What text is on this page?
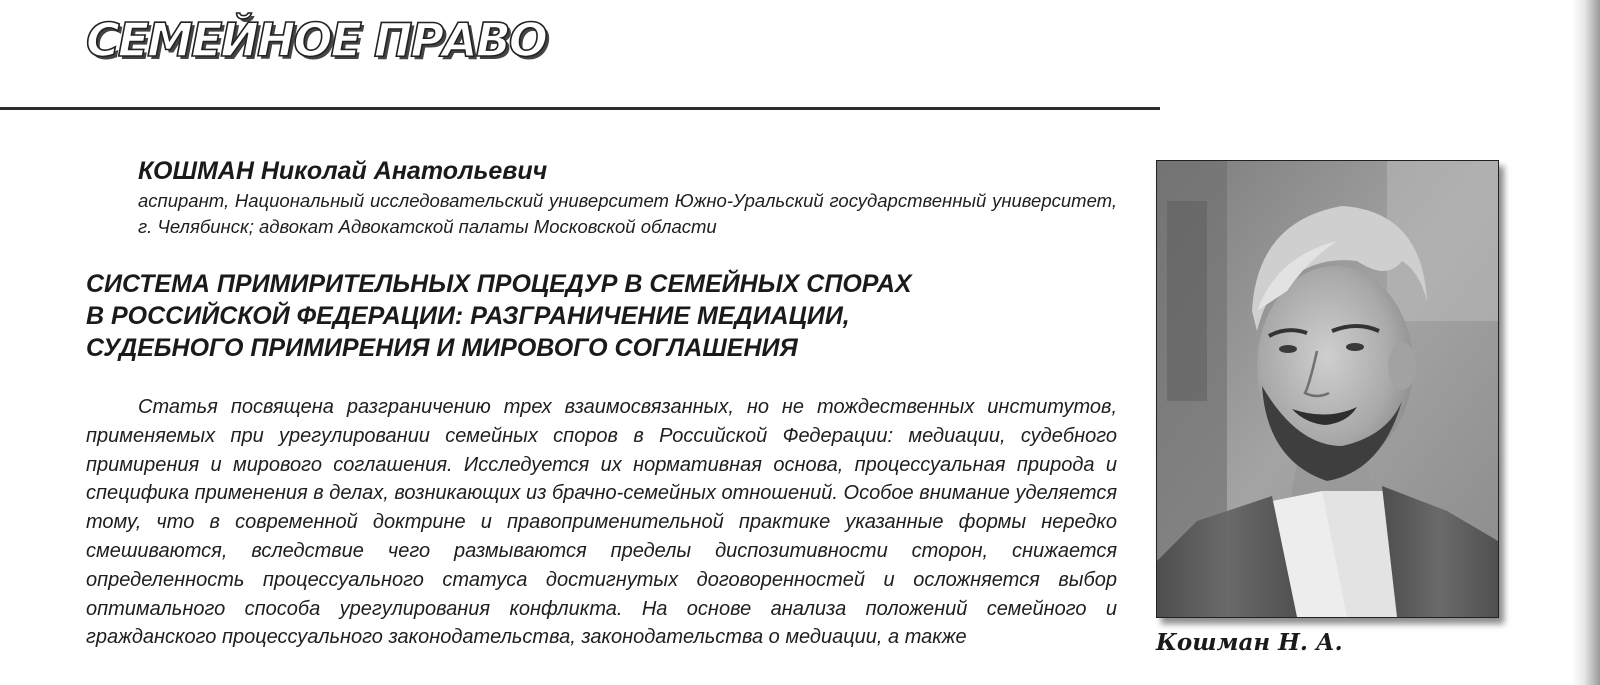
СЕМЕЙНОЕ ПРАВО

КОШМАН Николай Анатольевич

аспирант, Национальный исследовательский университет Южно-Уральский государственный университет, г. Челябинск; адвокат Адвокатской палаты Московской области

СИСТЕМА ПРИМИРИТЕЛЬНЫХ ПРОЦЕДУР В СЕМЕЙНЫХ СПОРАХ
В РОССИЙСКОЙ ФЕДЕРАЦИИ: РАЗГРАНИЧЕНИЕ МЕДИАЦИИ,
СУДЕБНОГО ПРИМИРЕНИЯ И МИРОВОГО СОГЛАШЕНИЯ

Статья посвящена разграничению трех взаимосвязанных, но не тождественных институтов, применяемых при урегулировании семейных споров в Российской Федерации: медиации, судебного примирения и мирового соглашения. Исследуется их нормативная основа, процессуальная природа и специфика применения в делах, возникающих из брачно-семейных отношений. Особое внимание уделяется тому, что в современной доктрине и правоприменительной практике указанные формы нередко смешиваются, вследствие чего размываются пределы диспозитивности сторон, снижается определенность процессуального статуса достигнутых договоренностей и осложняется выбор оптимального способа урегулирования конфликта. На основе анализа положений семейного и гражданского процессуального законодательства, законодательства о медиации, а также	Кошман Н. А.
